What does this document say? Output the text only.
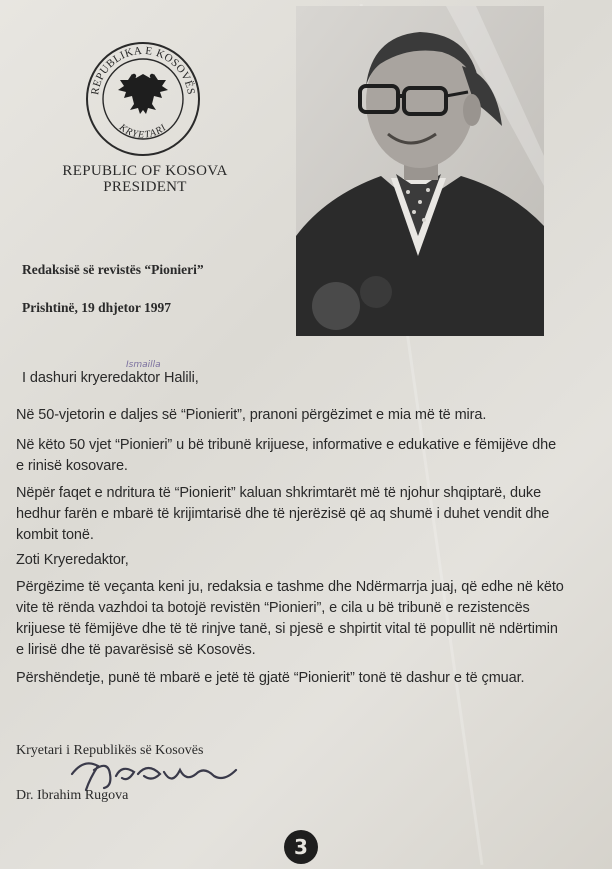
REPUBLIKA E KOSOVËS
KRYETARI
REPUBLIC OF KOSOVA
PRESIDENT
Redaksisë së revistës “Pionieri”
Prishtinë, 19 dhjetor 1997
Ismailla
I dashuri kryeredaktor Halili,
Në 50-vjetorin e daljes së “Pionierit”, pranoni përgëzimet e mia më të mira.
Në këto 50 vjet “Pionieri” u bë tribunë krijuese, informative e edukative e fëmijëve dhe
e rinisë kosovare.
Nëpër faqet e ndritura të “Pionierit” kaluan shkrimtarët më të njohur shqiptarë, duke
hedhur farën e mbarë të krijimtarisë dhe të njerëzisë që aq shumë i duhet vendit dhe
kombit tonë.
Zoti Kryeredaktor,
Përgëzime të veçanta keni ju, redaksia e tashme dhe Ndërmarrja juaj, që edhe në këto
vite të rënda vazhdoi ta botojë revistën “Pionieri”, e cila u bë tribunë e rezistencës
krijuese të fëmijëve dhe të të rinjve tanë, si pjesë e shpirtit vital të popullit në ndërtimin
e lirisë dhe të pavarësisë së Kosovës.
Përshëndetje, punë të mbarë e jetë të gjatë “Pionierit” tonë të dashur e të çmuar.
Kryetari i Republikës së Kosovës
Dr. Ibrahim Rugova
3
